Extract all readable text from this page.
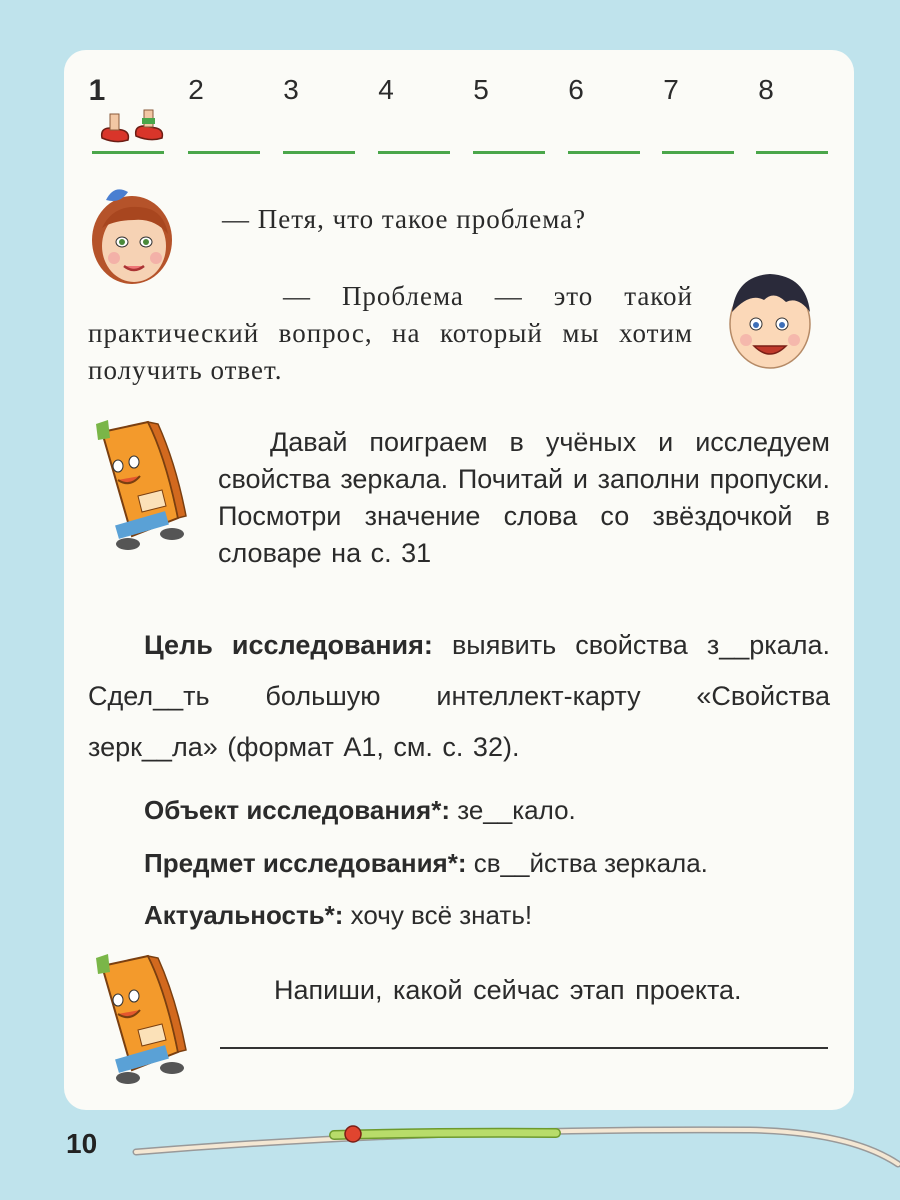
1	2	3	4	5	6	7	8
— Петя, что такое проблема?
— Проблема — это такой практический вопрос, на который мы хотим получить ответ.
Давай поиграем в учёных и исследуем свойства зеркала. Почитай и заполни пропуски. Посмотри значение слова со звёздочкой в словаре на с. 31
Цель исследования: выявить свойства з__ркала. Сдел__ть большую интеллект-карту «Свойства зерк__ла» (формат А1, см. с. 32).
Объект исследования*: зе__кало.
Предмет исследования*: св__йства зеркала.
Актуальность*: хочу всё знать!
Напиши, какой сейчас этап проекта.
10
